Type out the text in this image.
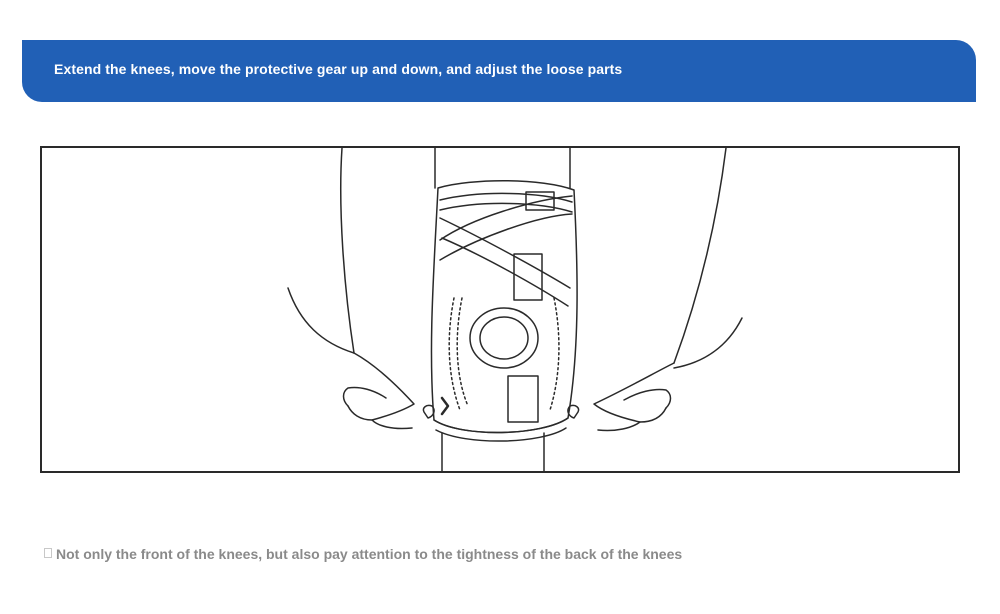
Extend the knees, move the protective gear up and down, and adjust the loose parts
Not only the front of the knees, but also pay attention to the tightness of the back of the knees
